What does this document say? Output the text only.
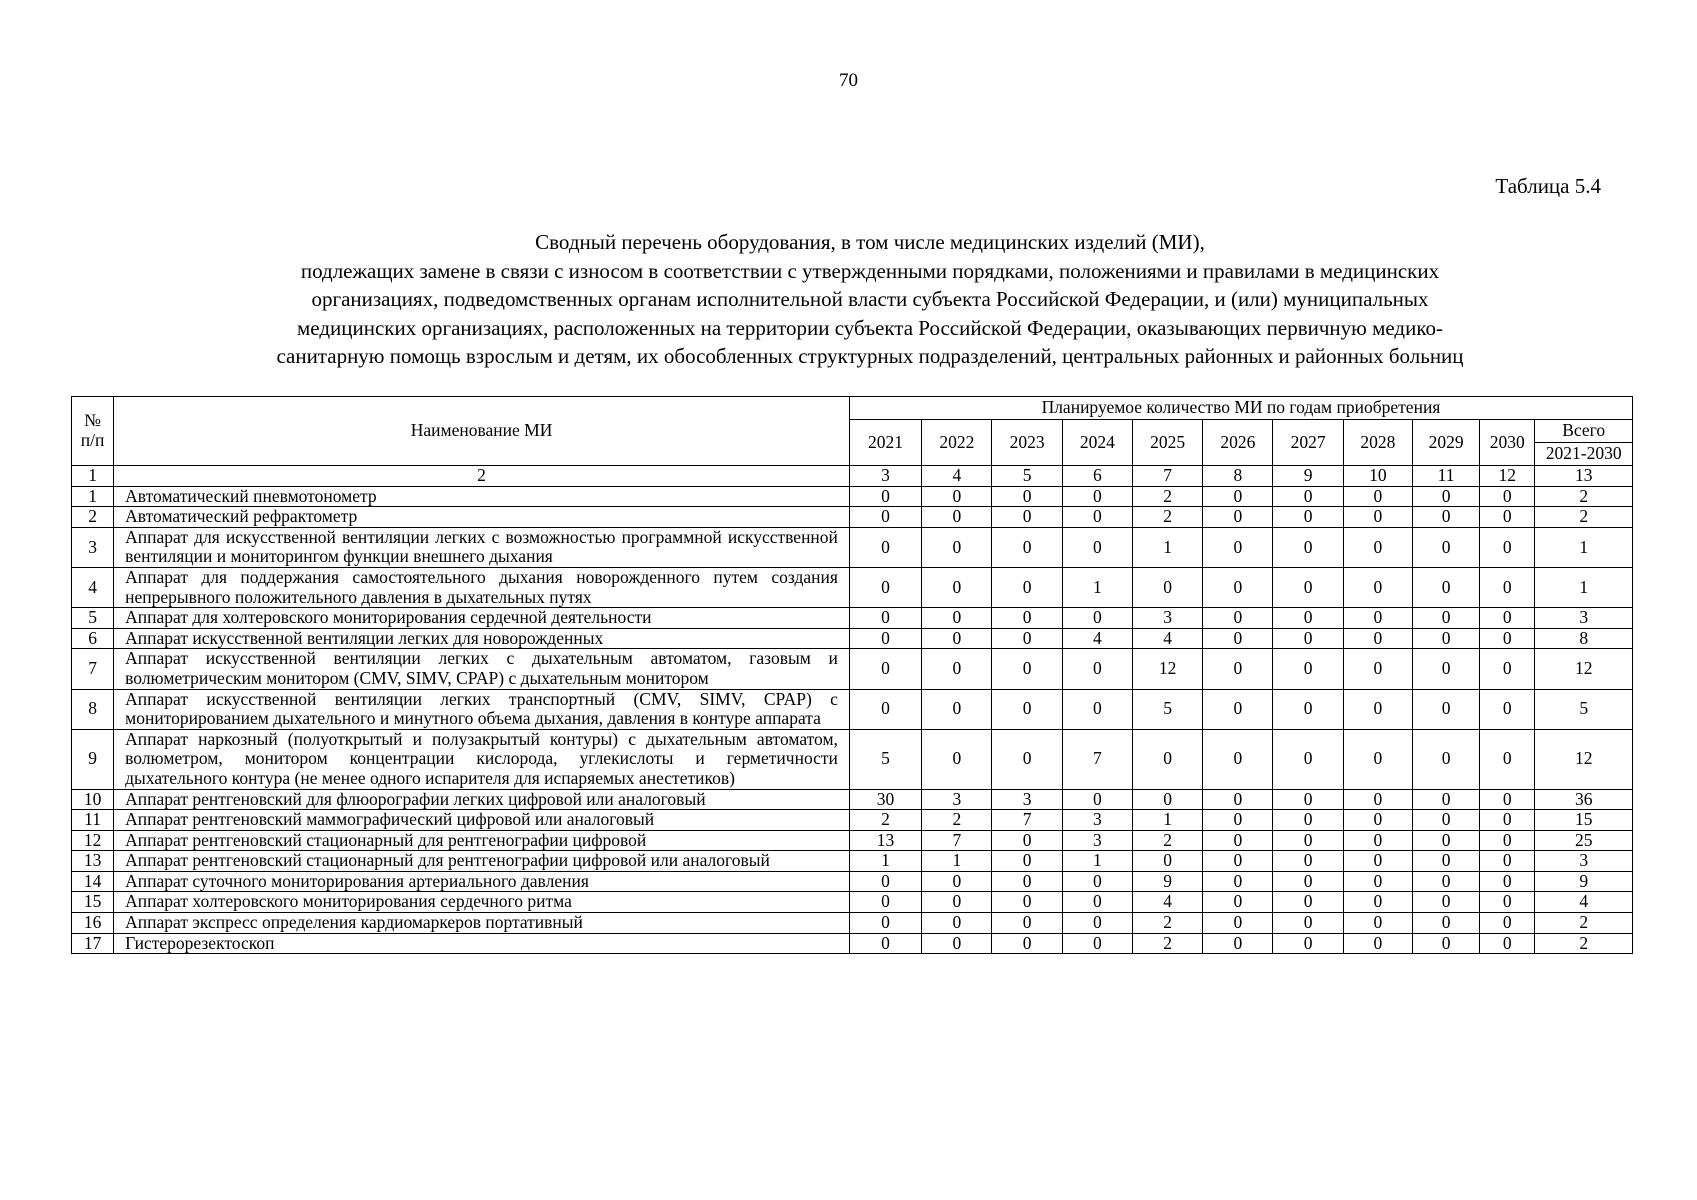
70
Таблица 5.4
Сводный перечень оборудования, в том числе медицинских изделий (МИ),
подлежащих замене в связи с износом в соответствии с утвержденными порядками, положениями и правилами в медицинских
организациях, подведомственных органам исполнительной власти субъекта Российской Федерации, и (или) муниципальных
медицинских организациях, расположенных на территории субъекта Российской Федерации, оказывающих первичную медико-
санитарную помощь взрослым и детям, их обособленных структурных подразделений, центральных районных и районных больниц
№ п/п	Наименование МИ	Планируемое количество МИ по годам приобретения										
		2021	2022	2023	2024	2025	2026	2027	2028	2029	2030	Всего
												2021-2030
1	2	3	4	5	6	7	8	9	10	11	12	13
1	Автоматический пневмотонометр	0	0	0	0	2	0	0	0	0	0	2
2	Автоматический рефрактометр	0	0	0	0	2	0	0	0	0	0	2
3	Аппарат для искусственной вентиляции легких с возможностью программной искусственной вентиляции и мониторингом функции внешнего дыхания	0	0	0	0	1	0	0	0	0	0	1
4	Аппарат для поддержания самостоятельного дыхания новорожденного путем создания непрерывного положительного давления в дыхательных путях	0	0	0	1	0	0	0	0	0	0	1
5	Аппарат для холтеровского мониторирования сердечной деятельности	0	0	0	0	3	0	0	0	0	0	3
6	Аппарат искусственной вентиляции легких для новорожденных	0	0	0	4	4	0	0	0	0	0	8
7	Аппарат искусственной вентиляции легких с дыхательным автоматом, газовым и волюметрическим монитором (CMV, SIMV, CPAP) с дыхательным монитором	0	0	0	0	12	0	0	0	0	0	12
8	Аппарат искусственной вентиляции легких транспортный (CMV, SIMV, CPAP) с мониторированием дыхательного и минутного объема дыхания, давления в контуре аппарата	0	0	0	0	5	0	0	0	0	0	5
9	Аппарат наркозный (полуоткрытый и полузакрытый контуры) с дыхательным автоматом, волюметром, монитором концентрации кислорода, углекислоты и герметичности дыхательного контура (не менее одного испарителя для испаряемых анестетиков)	5	0	0	7	0	0	0	0	0	0	12
10	Аппарат рентгеновский для флюорографии легких цифровой или аналоговый	30	3	3	0	0	0	0	0	0	0	36
11	Аппарат рентгеновский маммографический цифровой или аналоговый	2	2	7	3	1	0	0	0	0	0	15
12	Аппарат рентгеновский стационарный для рентгенографии цифровой	13	7	0	3	2	0	0	0	0	0	25
13	Аппарат рентгеновский стационарный для рентгенографии цифровой или аналоговый	1	1	0	1	0	0	0	0	0	0	3
14	Аппарат суточного мониторирования артериального давления	0	0	0	0	9	0	0	0	0	0	9
15	Аппарат холтеровского мониторирования сердечного ритма	0	0	0	0	4	0	0	0	0	0	4
16	Аппарат экспресс определения кардиомаркеров портативный	0	0	0	0	2	0	0	0	0	0	2
17	Гистерорезектоскоп	0	0	0	0	2	0	0	0	0	0	2
